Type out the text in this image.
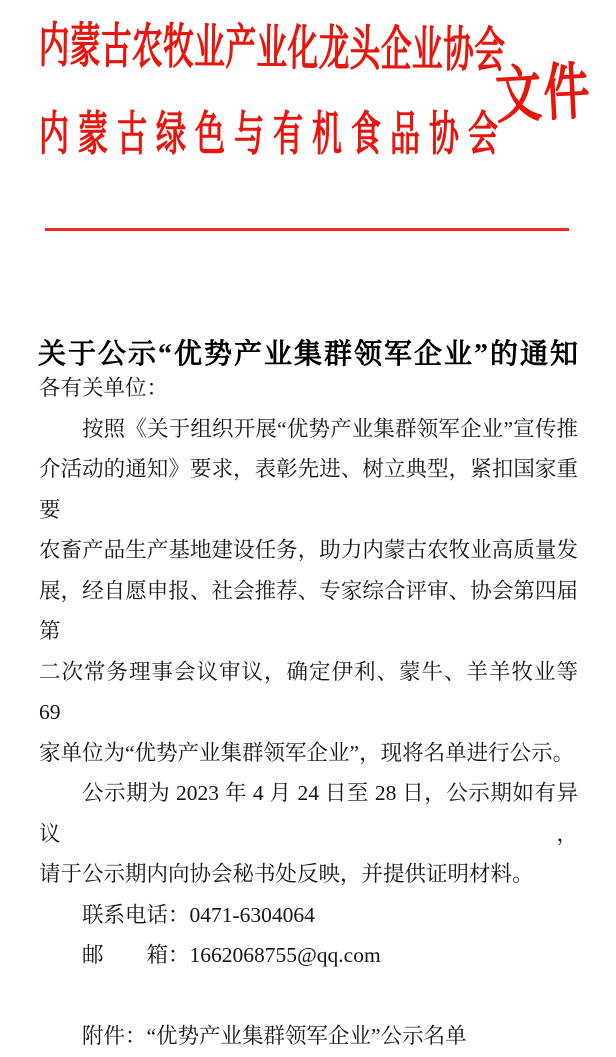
内蒙古农牧业产业化龙头企业协会
文件
内蒙古绿色与有机食品协会
关于公示“优势产业集群领军企业”的通知
各有关单位：
按照《关于组织开展“优势产业集群领军企业”宣传推
介活动的通知》要求，表彰先进、树立典型，紧扣国家重要
农畜产品生产基地建设任务，助力内蒙古农牧业高质量发
展，经自愿申报、社会推荐、专家综合评审、协会第四届第
二次常务理事会议审议，确定伊利、蒙牛、羊羊牧业等 69
家单位为“优势产业集群领军企业”，现将名单进行公示。
公示期为 2023 年 4 月 24 日至 28 日，公示期如有异议，
请于公示期内向协会秘书处反映，并提供证明材料。
联系电话：0471-6304064
邮　　箱：1662068755@qq.com
附件：“优势产业集群领军企业”公示名单
